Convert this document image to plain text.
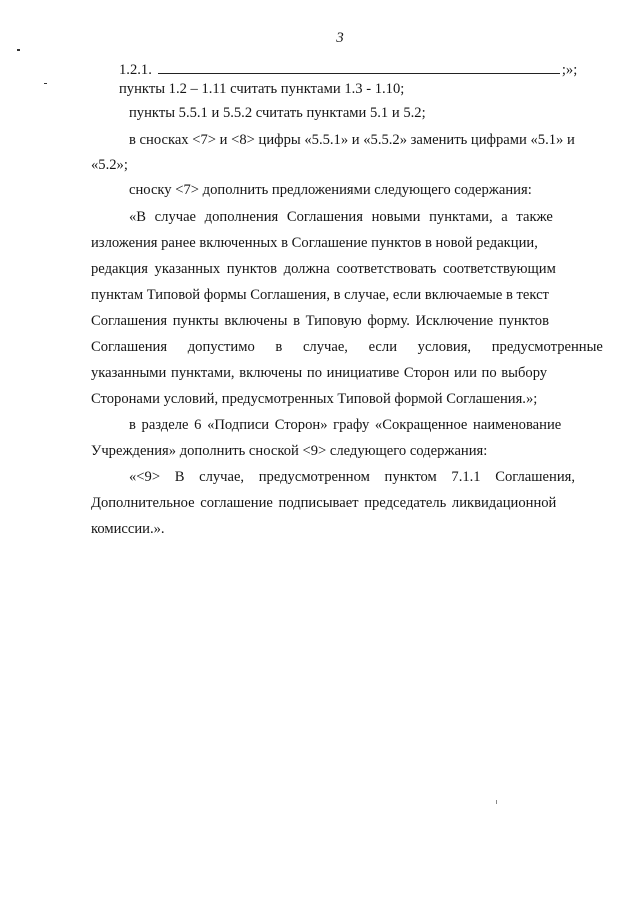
3
1.2.1.	;»;
пункты 1.2 – 1.11 считать пунктами 1.3 - 1.10;
пункты 5.5.1 и 5.5.2 считать пунктами 5.1 и 5.2;
в сносках <7> и <8> цифры «5.5.1» и «5.5.2» заменить цифрами «5.1» и
«5.2»;
сноску <7> дополнить предложениями следующего содержания:
«В случае дополнения Соглашения новыми пунктами, а также
изложения ранее включенных в Соглашение пунктов в новой редакции,
редакция указанных пунктов должна соответствовать соответствующим
пунктам Типовой формы Соглашения, в случае, если включаемые в текст
Соглашения пункты включены в Типовую форму. Исключение пунктов
Соглашения допустимо в случае, если условия, предусмотренные
указанными пунктами, включены по инициативе Сторон или по выбору
Сторонами условий, предусмотренных Типовой формой Соглашения.»;
в разделе 6 «Подписи Сторон» графу «Сокращенное наименование
Учреждения» дополнить сноской <9> следующего содержания:
«<9> В случае, предусмотренном пунктом 7.1.1 Соглашения,
Дополнительное соглашение подписывает председатель ликвидационной
комиссии.».
